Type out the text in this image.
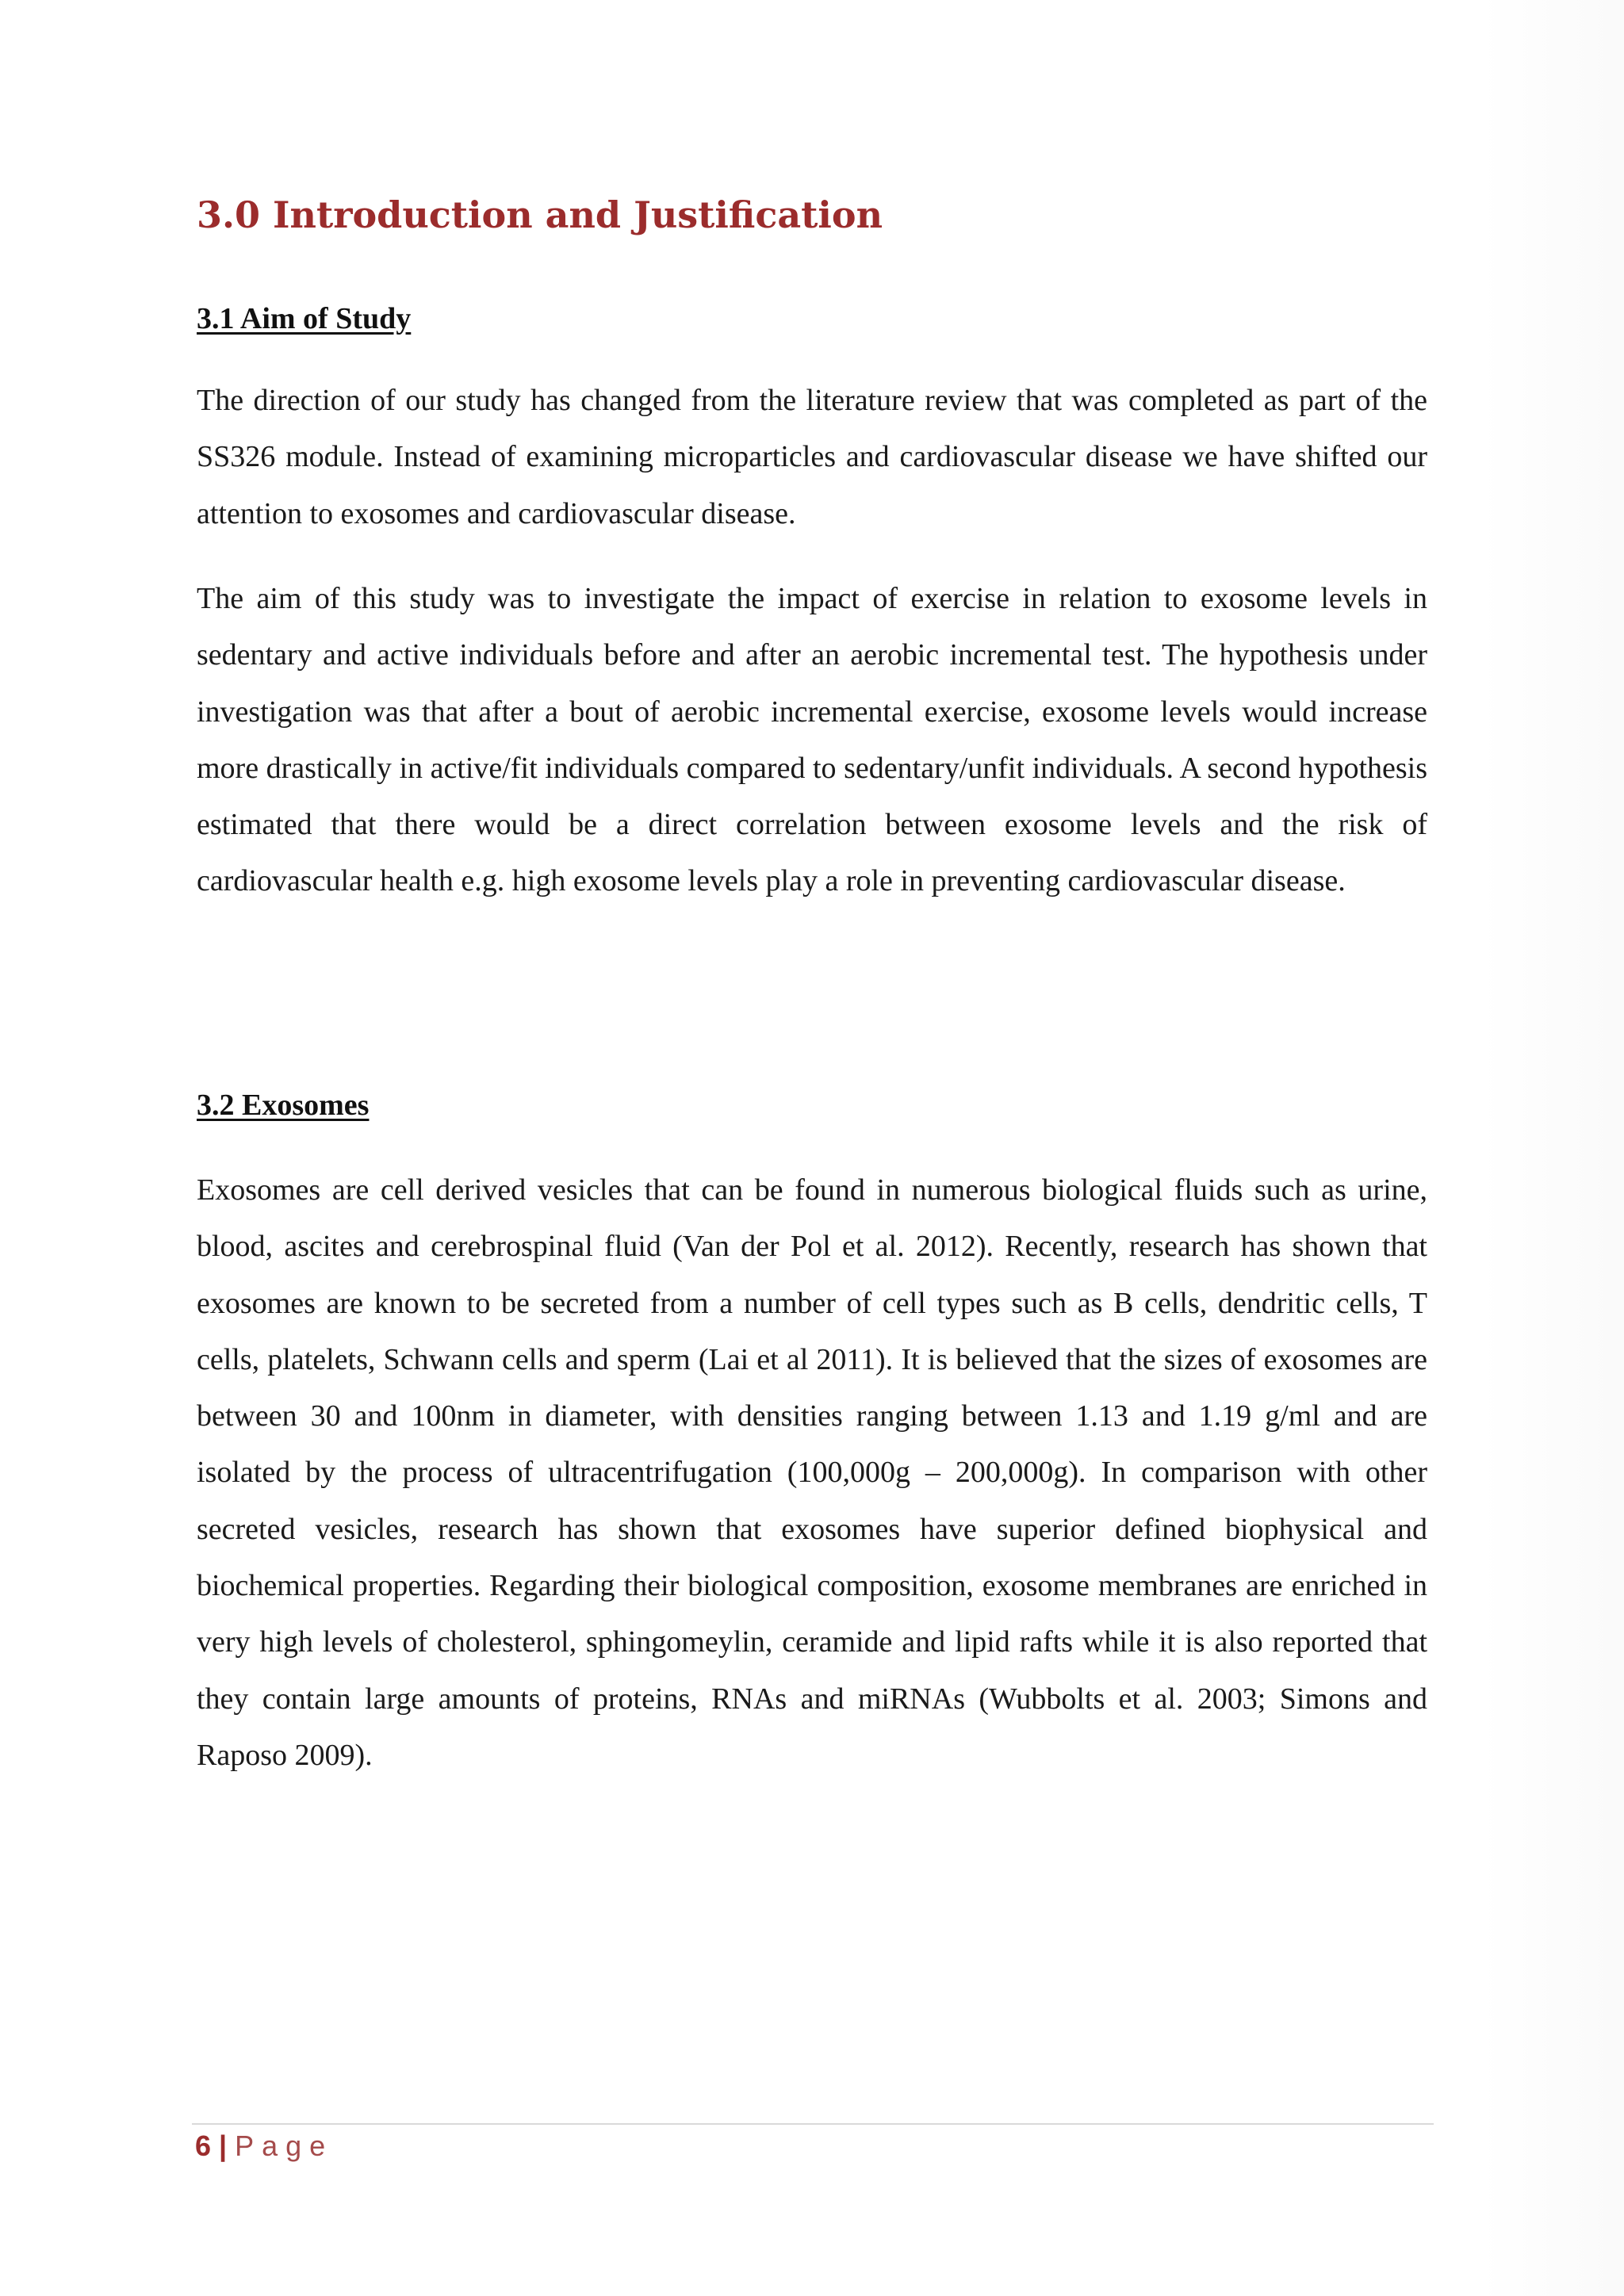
3.0 Introduction and Justification
3.1 Aim of Study

The direction of our study has changed from the literature review that was completed as part of the SS326 module. Instead of examining microparticles and cardiovascular disease we have shifted our attention to exosomes and cardiovascular disease.

The aim of this study was to investigate the impact of exercise in relation to exosome levels in sedentary and active individuals before and after an aerobic incremental test. The hypothesis under investigation was that after a bout of aerobic incremental exercise, exosome levels would increase more drastically in active/fit individuals compared to sedentary/unfit individuals. A second hypothesis estimated that there would be a direct correlation between exosome levels and the risk of cardiovascular health e.g. high exosome levels play a role in preventing cardiovascular disease.

3.2 Exosomes

Exosomes are cell derived vesicles that can be found in numerous biological fluids such as urine, blood, ascites and cerebrospinal fluid (Van der Pol et al. 2012). Recently, research has shown that exosomes are known to be secreted from a number of cell types such as B cells, dendritic cells, T cells, platelets, Schwann cells and sperm (Lai et al 2011). It is believed that the sizes of exosomes are between 30 and 100nm in diameter, with densities ranging between 1.13 and 1.19 g/ml and are isolated by the process of ultracentrifugation (100,000g – 200,000g). In comparison with other secreted vesicles, research has shown that exosomes have superior defined biophysical and biochemical properties. Regarding their biological composition, exosome membranes are enriched in very high levels of cholesterol, sphingomeylin, ceramide and lipid rafts while it is also reported that they contain large amounts of proteins, RNAs and miRNAs (Wubbolts et al. 2003; Simons and Raposo 2009).

6 | Page
